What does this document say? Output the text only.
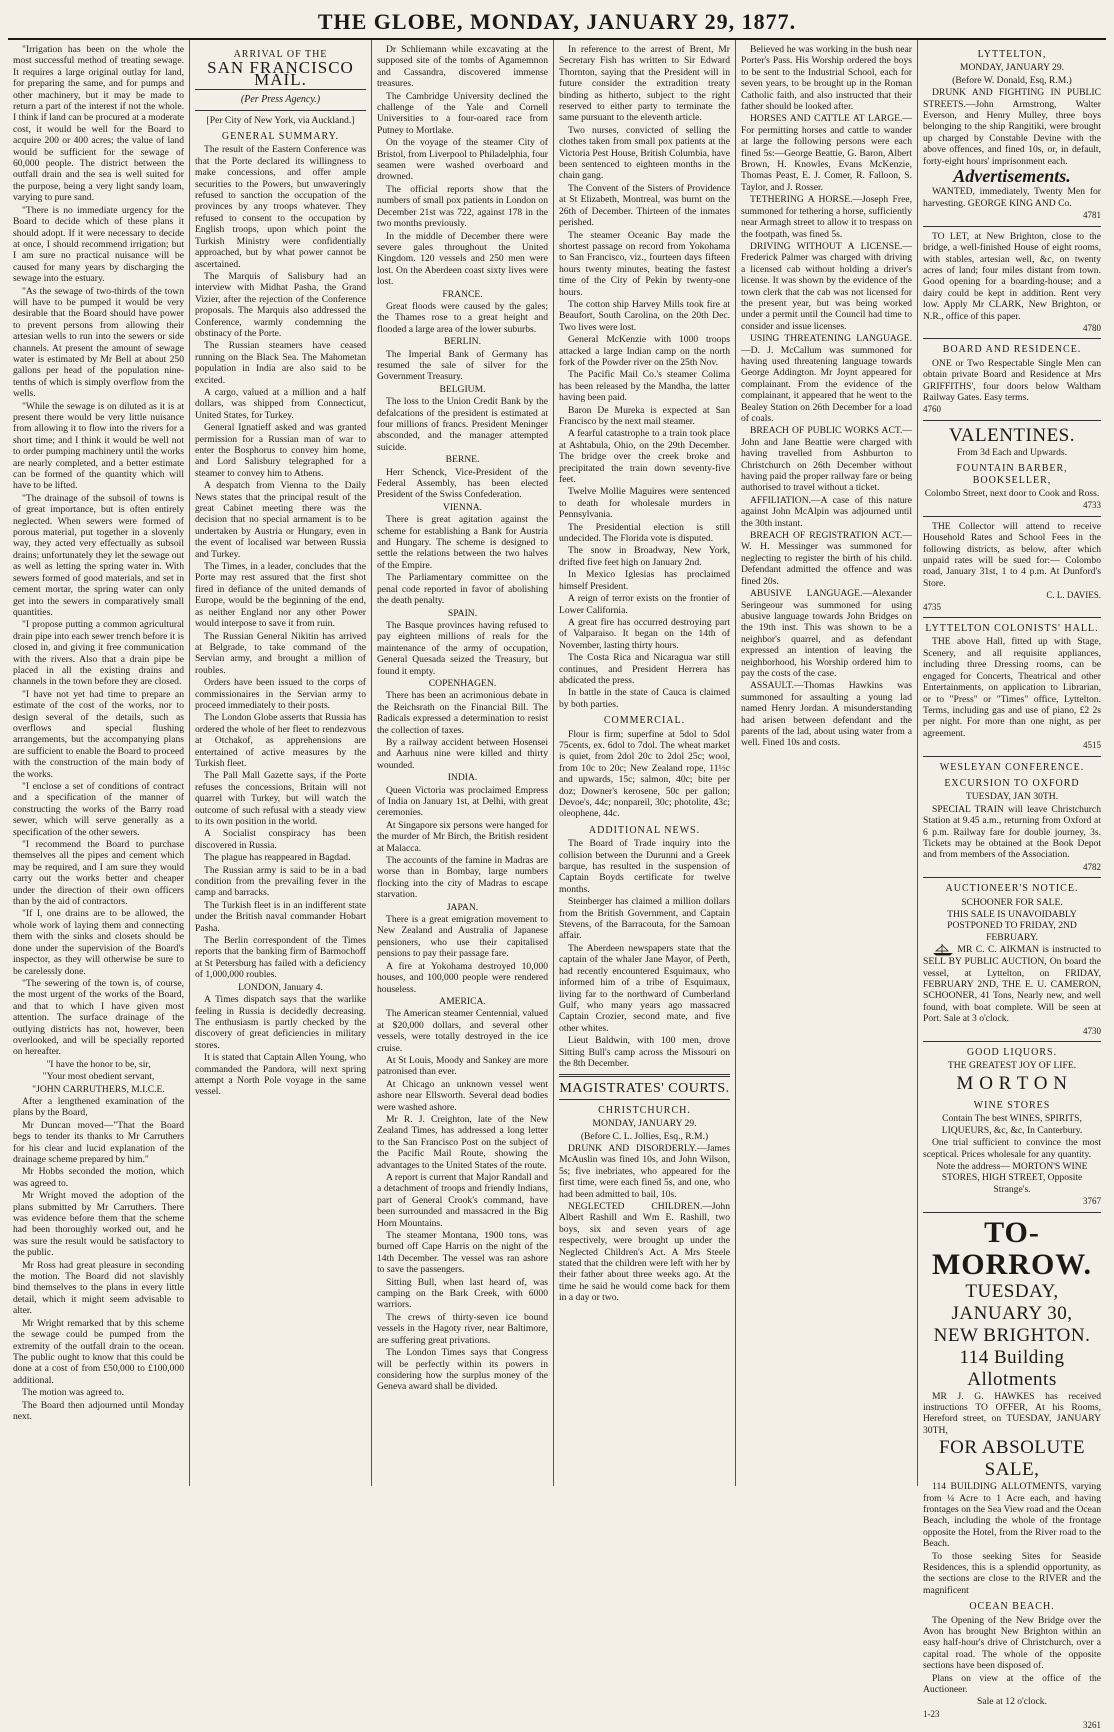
THE GLOBE, MONDAY, JANUARY 29, 1877.

"Irrigation has been on the whole the most successful method of treating sewage. It requires a large original outlay for land, for preparing the same, and for pumps and other machinery, but it may be made to return a part of the interest if not the whole. I think if land can be procured at a moderate cost, it would be well for the Board to acquire 200 or 400 acres; the value of land would be sufficient for the sewage of 60,000 people. The district between the outfall drain and the sea is well suited for the purpose, being a very light sandy loam, varying to pure sand.

"There is no immediate urgency for the Board to decide which of these plans it should adopt. If it were necessary to decide at once, I should recommend irrigation; but I am sure no practical nuisance will be caused for many years by discharging the sewage into the estuary.

"As the sewage of two-thirds of the town will have to be pumped it would be very desirable that the Board should have power to prevent persons from allowing their artesian wells to run into the sewers or side channels. At present the amount of sewage water is estimated by Mr Bell at about 250 gallons per head of the population nine-tenths of which is simply overflow from the wells.

"While the sewage is on diluted as it is at present there would be very little nuisance from allowing it to flow into the rivers for a short time; and I think it would be well not to order pumping machinery until the works are nearly completed, and a better estimate can be formed of the quantity which will have to be lifted.

"The drainage of the subsoil of towns is of great importance, but is often entirely neglected. When sewers were formed of porous material, put together in a slovenly way, they acted very effectually as subsoil drains; unfortunately they let the sewage out as well as letting the spring water in. With sewers formed of good materials, and set in cement mortar, the spring water can only get into the sewers in comparatively small quantities.

"I propose putting a common agricultural drain pipe into each sewer trench before it is closed in, and giving it free communication with the rivers. Also that a drain pipe be placed in all the existing drains and channels in the town before they are closed.

"I have not yet had time to prepare an estimate of the cost of the works, nor to design several of the details, such as overflows and special flushing arrangements, but the accompanying plans are sufficient to enable the Board to proceed with the construction of the main body of the works.

"I enclose a set of conditions of contract and a specification of the manner of constructing the works of the Barry road sewer, which will serve generally as a specification of the other sewers.

"I recommend the Board to purchase themselves all the pipes and cement which may be required, and I am sure they would carry out the works better and cheaper under the direction of their own officers than by the aid of contractors.

"If I, one drains are to be allowed, the whole work of laying them and connecting them with the sinks and closets should be done under the supervision of the Board's inspector, as they will otherwise be sure to be carelessly done.

"The sewering of the town is, of course, the most urgent of the works of the Board, and that to which I have given most attention. The surface drainage of the outlying districts has not, however, been overlooked, and will be specially reported on hereafter.

"I have the honor to be, sir,

"Your most obedient servant,

"JOHN CARRUTHERS, M.I.C.E.

After a lengthened examination of the plans by the Board,

Mr Duncan moved—"That the Board begs to tender its thanks to Mr Carruthers for his clear and lucid explanation of the drainage scheme prepared by him."

Mr Hobbs seconded the motion, which was agreed to.

Mr Wright moved the adoption of the plans submitted by Mr Carruthers. There was evidence before them that the scheme had been thoroughly worked out, and he was sure the result would be satisfactory to the public.

Mr Ross had great pleasure in seconding the motion. The Board did not slavishly bind themselves to the plans in every little detail, which it might seem advisable to alter.

Mr Wright remarked that by this scheme the sewage could be pumped from the extremity of the outfall drain to the ocean. The public ought to know that this could be done at a cost of from £50,000 to £100,000 additional.

The motion was agreed to.

The Board then adjourned until Monday next.

ARRIVAL OF THE
SAN FRANCISCO MAIL.
(Per Press Agency.)

[Per City of New York, via Auckland.]

GENERAL SUMMARY.

The result of the Eastern Conference was that the Porte declared its willingness to make concessions, and offer ample securities to the Powers, but unwaveringly refused to sanction the occupation of the provinces by any troops whatever. They refused to consent to the occupation by English troops, upon which point the Turkish Ministry were confidentially approached, but by what power cannot be ascertained.

The Marquis of Salisbury had an interview with Midhat Pasha, the Grand Vizier, after the rejection of the Conference proposals. The Marquis also addressed the Conference, warmly condemning the obstinacy of the Porte.

The Russian steamers have ceased running on the Black Sea. The Mahometan population in India are also said to be excited.

A cargo, valued at a million and a half dollars, was shipped from Connecticut, United States, for Turkey.

General Ignatieff asked and was granted permission for a Russian man of war to enter the Bosphorus to convey him home, and Lord Salisbury telegraphed for a steamer to convey him to Athens.

A despatch from Vienna to the Daily News states that the principal result of the great Cabinet meeting there was the decision that no special armament is to be undertaken by Austria or Hungary, even in the event of localised war between Russia and Turkey.

The Times, in a leader, concludes that the Porte may rest assured that the first shot fired in defiance of the united demands of Europe, would be the beginning of the end, as neither England nor any other Power would interpose to save it from ruin.

The Russian General Nikitin has arrived at Belgrade, to take command of the Servian army, and brought a million of roubles.

Orders have been issued to the corps of commissionaires in the Servian army to proceed immediately to their posts.

The London Globe asserts that Russia has ordered the whole of her fleet to rendezvous at Otchakof, as apprehensions are entertained of active measures by the Turkish fleet.

The Pall Mall Gazette says, if the Porte refuses the concessions, Britain will not quarrel with Turkey, but will watch the outcome of such refusal with a steady view to its own position in the world.

A Socialist conspiracy has been discovered in Russia.

The plague has reappeared in Bagdad.

The Russian army is said to be in a bad condition from the prevailing fever in the camp and barracks.

The Turkish fleet is in an indifferent state under the British naval commander Hobart Pasha.

The Berlin correspondent of the Times reports that the banking firm of Barmochoff at St Petersburg has failed with a deficiency of 1,000,000 roubles.

LONDON, January 4.

A Times dispatch says that the warlike feeling in Russia is decidedly decreasing. The enthusiasm is partly checked by the discovery of great deficiencies in military stores.

It is stated that Captain Allen Young, who commanded the Pandora, will next spring attempt a North Pole voyage in the same vessel.

Dr Schliemann while excavating at the supposed site of the tombs of Agamemnon and Cassandra, discovered immense treasures.

The Cambridge University declined the challenge of the Yale and Cornell Universities to a four-oared race from Putney to Mortlake.

On the voyage of the steamer City of Bristol, from Liverpool to Philadelphia, four seamen were washed overboard and drowned.

The official reports show that the numbers of small pox patients in London on December 21st was 722, against 178 in the two months previously.

In the middle of December there were severe gales throughout the United Kingdom. 120 vessels and 250 men were lost. On the Aberdeen coast sixty lives were lost.

FRANCE.

Great floods were caused by the gales; the Thames rose to a great height and flooded a large area of the lower suburbs.

BERLIN.

The Imperial Bank of Germany has resumed the sale of silver for the Government Treasury.

BELGIUM.

The loss to the Union Credit Bank by the defalcations of the president is estimated at four millions of francs. President Meninger absconded, and the manager attempted suicide.

BERNE.

Herr Schenck, Vice-President of the Federal Assembly, has been elected President of the Swiss Confederation.

VIENNA.

There is great agitation against the scheme for establishing a Bank for Austria and Hungary. The scheme is designed to settle the relations between the two halves of the Empire.

The Parliamentary committee on the penal code reported in favor of abolishing the death penalty.

SPAIN.

The Basque provinces having refused to pay eighteen millions of reals for the maintenance of the army of occupation, General Quesada seized the Treasury, but found it empty.

COPENHAGEN.

There has been an acrimonious debate in the Reichsrath on the Financial Bill. The Radicals expressed a determination to resist the collection of taxes.

By a railway accident between Hosensei and Aarhuus nine were killed and thirty wounded.

INDIA.

Queen Victoria was proclaimed Empress of India on January 1st, at Delhi, with great ceremonies.

At Singapore six persons were hanged for the murder of Mr Birch, the British resident at Malacca.

The accounts of the famine in Madras are worse than in Bombay, large numbers flocking into the city of Madras to escape starvation.

JAPAN.

There is a great emigration movement to New Zealand and Australia of Japanese pensioners, who use their capitalised pensions to pay their passage fare.

A fire at Yokohama destroyed 10,000 houses, and 100,000 people were rendered houseless.

AMERICA.

The American steamer Centennial, valued at $20,000 dollars, and several other vessels, were totally destroyed in the ice cruise.

At St Louis, Moody and Sankey are more patronised than ever.

At Chicago an unknown vessel went ashore near Ellsworth. Several dead bodies were washed ashore.

Mr R. J. Creighton, late of the New Zealand Times, has addressed a long letter to the San Francisco Post on the subject of the Pacific Mail Route, showing the advantages to the United States of the route.

A report is current that Major Randall and a detachment of troops and friendly Indians, part of General Crook's command, have been surrounded and massacred in the Big Horn Mountains.

The steamer Montana, 1900 tons, was burned off Cape Harris on the night of the 14th December. The vessel was ran ashore to save the passengers.

Sitting Bull, when last heard of, was camping on the Bark Creek, with 6000 warriors.

The crews of thirty-seven ice bound vessels in the Hagoty river, near Baltimore, are suffering great privations.

The London Times says that Congress will be perfectly within its powers in considering how the surplus money of the Geneva award shall be divided.

In reference to the arrest of Brent, Mr Secretary Fish has written to Sir Edward Thornton, saying that the President will in future consider the extradition treaty binding as hitherto, subject to the right reserved to either party to terminate the same pursuant to the eleventh article.

Two nurses, convicted of selling the clothes taken from small pox patients at the Victoria Pest House, British Columbia, have been sentenced to eighteen months in the chain gang.

The Convent of the Sisters of Providence at St Elizabeth, Montreal, was burnt on the 26th of December. Thirteen of the inmates perished.

The steamer Oceanic Bay made the shortest passage on record from Yokohama to San Francisco, viz., fourteen days fifteen hours twenty minutes, beating the fastest time of the City of Pekin by twenty-one hours.

The cotton ship Harvey Mills took fire at Beaufort, South Carolina, on the 20th Dec. Two lives were lost.

General McKenzie with 1000 troops attacked a large Indian camp on the north fork of the Powder river on the 25th Nov.

The Pacific Mail Co.'s steamer Colima has been released by the Mandha, the latter having been paid.

Baron De Mureka is expected at San Francisco by the next mail steamer.

A fearful catastrophe to a train took place at Ashtabula, Ohio, on the 29th December. The bridge over the creek broke and precipitated the train down seventy-five feet.

Twelve Mollie Maguires were sentenced to death for wholesale murders in Pennsylvania.

The Presidential election is still undecided. The Florida vote is disputed.

The snow in Broadway, New York, drifted five feet high on January 2nd.

In Mexico Iglesias has proclaimed himself President.

A reign of terror exists on the frontier of Lower California.

A great fire has occurred destroying part of Valparaiso. It began on the 14th of November, lasting thirty hours.

The Costa Rica and Nicaragua war still continues, and President Herrera has abdicated the press.

In battle in the state of Cauca is claimed by both parties.

COMMERCIAL.

Flour is firm; superfine at 5dol to 5dol 75cents, ex. 6dol to 7dol. The wheat market is quiet, from 2dol 20c to 2dol 25c; wool, from 10c to 20c; New Zealand rope, 11½c and upwards, 15c; salmon, 40c; bite per doz; Downer's kerosene, 50c per gallon; Devoe's, 44c; nonpareil, 30c; photolite, 43c; oleophene, 44c.

ADDITIONAL NEWS.

The Board of Trade inquiry into the collision between the Durunni and a Greek barque, has resulted in the suspension of Captain Boyds certificate for twelve months.

Steinberger has claimed a million dollars from the British Government, and Captain Stevens, of the Barracouta, for the Samoan affair.

The Aberdeen newspapers state that the captain of the whaler Jane Mayor, of Perth, had recently encountered Esquimaux, who informed him of a tribe of Esquimaux, living far to the northward of Cumberland Gulf, who many years ago massacred Captain Crozier, second mate, and five other whites.

Lieut Baldwin, with 100 men, drove Sitting Bull's camp across the Missouri on the 8th December.

MAGISTRATES' COURTS.
CHRISTCHURCH.

MONDAY, JANUARY 29.

(Before C. L. Jollies, Esq., R.M.)

DRUNK AND DISORDERLY.—James McAuslin was fined 10s, and John Wilson, 5s; five inebriates, who appeared for the first time, were each fined 5s, and one, who had been admitted to bail, 10s.

NEGLECTED CHILDREN.—John Albert Rashill and Wm E. Rashill, two boys, six and seven years of age respectively, were brought up under the Neglected Children's Act. A Mrs Steele stated that the children were left with her by their father about three weeks ago. At the time he said he would come back for them in a day or two.

Believed he was working in the bush near Porter's Pass. His Worship ordered the boys to be sent to the Industrial School, each for seven years, to be brought up in the Roman Catholic faith, and also instructed that their father should be looked after.

HORSES AND CATTLE AT LARGE.—For permitting horses and cattle to wander at large the following persons were each fined 5s:—George Beattie, G. Baron, Albert Brown, H. Knowles, Evans McKenzie, Thomas Peast, E. J. Comer, R. Falloon, S. Taylor, and J. Rosser.

TETHERING A HORSE.—Joseph Free, summoned for tethering a horse, sufficiently near Armagh street to allow it to trespass on the footpath, was fined 5s.

DRIVING WITHOUT A LICENSE.—Frederick Palmer was charged with driving a licensed cab without holding a driver's license. It was shown by the evidence of the town clerk that the cab was not licensed for the present year, but was being worked under a permit until the Council had time to consider and issue licenses.

USING THREATENING LANGUAGE.—D. J. McCallum was summoned for having used threatening language towards George Addington. Mr Joynt appeared for complainant. From the evidence of the complainant, it appeared that he went to the Bealey Station on 26th December for a load of coals.

BREACH OF PUBLIC WORKS ACT.—John and Jane Beattie were charged with having travelled from Ashburton to Christchurch on 26th December without having paid the proper railway fare or being authorised to travel without a ticket.

AFFILIATION.—A case of this nature against John McAlpin was adjourned until the 30th instant.

BREACH OF REGISTRATION ACT.—W. H. Messinger was summoned for neglecting to register the birth of his child. Defendant admitted the offence and was fined 20s.

ABUSIVE LANGUAGE.—Alexander Seringeour was summoned for using abusive language towards John Bridges on the 19th inst. This was shown to be a neighbor's quarrel, and as defendant expressed an intention of leaving the neighborhood, his Worship ordered him to pay the costs of the case.

ASSAULT.—Thomas Hawkins was summoned for assaulting a young lad named Henry Jordan. A misunderstanding had arisen between defendant and the parents of the lad, about using water from a well. Fined 10s and costs.

LYTTELTON,

MONDAY, JANUARY 29.

(Before W. Donald, Esq, R.M.)

DRUNK AND FIGHTING IN PUBLIC STREETS.—John Armstrong, Walter Everson, and Henry Mulley, three boys belonging to the ship Rangitiki, were brought up charged by Constable Devine with the above offences, and fined 10s, or, in default, forty-eight hours' imprisonment each.

Advertisements.

WANTED, immediately, Twenty Men for harvesting. GEORGE KING AND Co.

4781

TO LET, at New Brighton, close to the bridge, a well-finished House of eight rooms, with stables, artesian well, &c, on twenty acres of land; four miles distant from town. Good opening for a boarding-house; and a dairy could be kept in addition. Rent very low. Apply Mr CLARK, New Brighton, or N.R., office of this paper.

4780
BOARD AND RESIDENCE.

ONE or Two Respectable Single Men can obtain private Board and Residence at Mrs GRIFFITHS', four doors below Waltham Railway Gates. Easy terms.

4760
VALENTINES.

From 3d Each and Upwards.

FOUNTAIN BARBER, BOOKSELLER,

Colombo Street, next door to Cook and Ross.

4733

THE Collector will attend to receive Household Rates and School Fees in the following districts, as below, after which unpaid rates will be sued for:— Colombo road, January 31st, 1 to 4 p.m. At Dunford's Store.

C. L. DAVIES.
4735
LYTTELTON COLONISTS' HALL.

THE above Hall, fitted up with Stage, Scenery, and all requisite appliances, including three Dressing rooms, can be engaged for Concerts, Theatrical and other Entertainments, on application to Librarian, or to "Press" or "Times" office, Lyttelton. Terms, including gas and use of piano, £2 2s per night. For more than one night, as per agreement.

4515
WESLEYAN CONFERENCE.
EXCURSION TO OXFORD

TUESDAY, JAN 30TH.

SPECIAL TRAIN will leave Christchurch Station at 9.45 a.m., returning from Oxford at 6 p.m. Railway fare for double journey, 3s. Tickets may be obtained at the Book Depot and from members of the Association.

4782
AUCTIONEER'S NOTICE.

SCHOONER FOR SALE.

THIS SALE IS UNAVOIDABLY POSTPONED TO FRIDAY, 2ND FEBRUARY.

MR C. C. AIKMAN is instructed to SELL BY PUBLIC AUCTION, On board the vessel, at Lyttelton, on FRIDAY, FEBRUARY 2ND, THE E. U. CAMERON, SCHOONER, 41 Tons, Nearly new, and well found, with boat complete. Will be seen at Port. Sale at 3 o'clock.

4730
GOOD LIQUORS.

THE GREATEST JOY OF LIFE.

M O R T O N
WINE STORES

Contain The best WINES, SPIRITS, LIQUEURS, &c, &c, In Canterbury.

One trial sufficient to convince the most sceptical. Prices wholesale for any quantity.

Note the address— MORTON'S WINE STORES, HIGH STREET, Opposite Strange's.

3767
TO-MORROW.
TUESDAY, JANUARY 30,
NEW BRIGHTON.
114 Building Allotments

MR J. G. HAWKES has received instructions TO OFFER, At his Rooms, Hereford street, on TUESDAY, JANUARY 30TH,

FOR ABSOLUTE SALE,

114 BUILDING ALLOTMENTS, varying from ¼ Acre to 1 Acre each, and having frontages on the Sea View road and the Ocean Beach, including the whole of the frontage opposite the Hotel, from the River road to the Beach.

To those seeking Sites for Seaside Residences, this is a splendid opportunity, as the sections are close to the RIVER and the magnificent

OCEAN BEACH.

The Opening of the New Bridge over the Avon has brought New Brighton within an easy half-hour's drive of Christchurch, over a capital road. The whole of the opposite sections have been disposed of.

Plans on view at the office of the Auctioneer.

Sale at 12 o'clock.

1-23
3261
